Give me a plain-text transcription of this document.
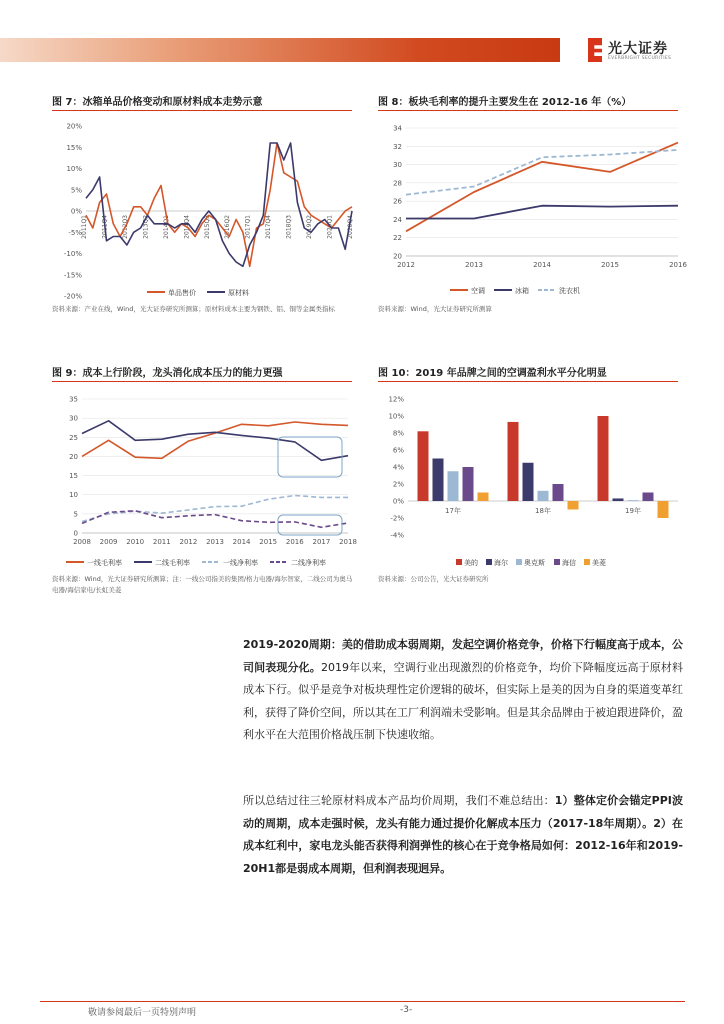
光大证券
EVERBRIGHT SECURITIES
图 7：冰箱单品价格变动和原材料成本走势示意
20%
15%
10%
5%
0%
-5%
-10%
-15%
-20%
2011Q1 2011Q4 2012Q3 2013Q2 2014Q1 2014Q4 2015Q3 2016Q2 2017Q1 2017Q4 2018Q3 2019Q2 2020Q1 2020Q4
单品售价	原材料
资料来源：产业在线，Wind，光大证券研究所测算；原材料成本主要为钢铁、铝、铜等金属类指标
图 8：板块毛利率的提升主要发生在 2012-16 年（%）
34
32
30
28
26
24
22
20
2012	2013	2014	2015	2016
空调	冰箱	洗衣机
资料来源：Wind，光大证券研究所测算
图 9：成本上行阶段，龙头消化成本压力的能力更强
35
30
25
20
15
10
5
0
2008 2009 2010 2011 2012 2013 2014 2015 2016 2017 2018
一线毛利率	二线毛利率	一线净利率	二线净利率
资料来源：Wind，光大证券研究所测算；注：一线公司指美的集团/格力电器/海尔智家，二线公司为奥马电器/海信家电/长虹美菱
图 10：2019 年品牌之间的空调盈利水平分化明显
12%
10%
8%
6%
4%
2%
0%
-2%
-4%
17年	18年	19年
美的 海尔 奥克斯 海信 美菱
资料来源：公司公告，光大证券研究所
2019-2020周期：美的借助成本弱周期，发起空调价格竞争，价格下行幅度高于成本，公司间表现分化。2019年以来，空调行业出现激烈的价格竞争，均价下降幅度远高于原材料成本下行。似乎是竞争对板块理性定价逻辑的破坏，但实际上是美的因为自身的渠道变革红利，获得了降价空间，所以其在工厂利润端未受影响。但是其余品牌由于被迫跟进降价，盈利水平在大范围价格战压制下快速收缩。
所以总结过往三轮原材料成本产品均价周期，我们不难总结出：1）整体定价会锚定PPI波动的周期，成本走强时候，龙头有能力通过提价化解成本压力（2017-18年周期）。2）在成本红利中，家电龙头能否获得利润弹性的核心在于竞争格局如何：2012-16年和2019-20H1都是弱成本周期，但利润表现迥异。
敬请参阅最后一页特别声明	-3-
